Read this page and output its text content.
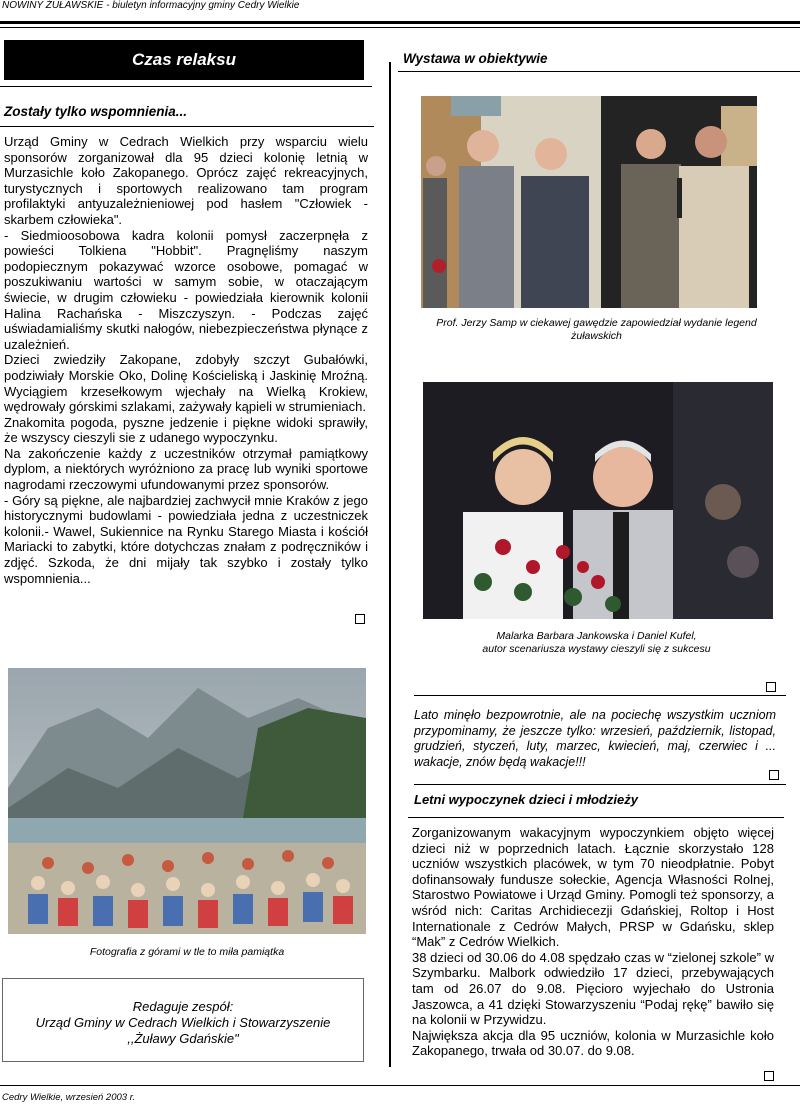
NOWINY ŻUŁAWSKIE - biuletyn informacyjny gminy Cedry Wielkie
Czas relaksu
Zostały tylko wspomnienia...

Urząd Gminy w Cedrach Wielkich przy wsparciu wielu sponsorów zorganizował dla 95 dzieci kolonię letnią w Murzasichle koło Zakopanego. Oprócz zajęć rekreacyjnych, turystycznych i sportowych realizowano tam program profilaktyki antyuzależnieniowej pod hasłem "Człowiek - skarbem człowieka".

- Siedmioosobowa kadra kolonii pomysł zaczerpnęła z powieści Tolkiena "Hobbit". Pragnęliśmy naszym podopiecznym pokazywać wzorce osobowe, pomagać w poszukiwaniu wartości w samym sobie, w otaczającym świecie, w drugim człowieku - powiedziała kierownik kolonii Halina Rachańska - Miszczyszyn. - Podczas zajęć uświadamialiśmy skutki nałogów, niebezpieczeństwa płynące z uzależnień.

Dzieci zwiedziły Zakopane, zdobyły szczyt Gubałówki, podziwiały Morskie Oko, Dolinę Kościeliską i Jaskinię Mroźną. Wyciągiem krzesełkowym wjechały na Wielką Krokiew, wędrowały górskimi szlakami, zażywały kąpieli w strumieniach.

Znakomita pogoda, pyszne jedzenie i piękne widoki sprawiły, że wszyscy cieszyli sie z udanego wypoczynku.

Na zakończenie każdy z uczestników otrzymał pamiątkowy dyplom, a niektórych wyróżniono za pracę lub wyniki sportowe nagrodami rzeczowymi ufundowanymi przez sponsorów.

- Góry są piękne, ale najbardziej zachwycił mnie Kraków z jego historycznymi budowlami - powiedziała jedna z uczestniczek kolonii.- Wawel, Sukiennice na Rynku Starego Miasta i kościół Mariacki to zabytki, które dotychczas znałam z podręczników i zdjęć. Szkoda, że dni mijały tak szybko i zostały tylko wspomnienia...

Fotografia z górami w tle to miła pamiątka
Redaguje zespół:
Urząd Gminy w Cedrach Wielkich i Stowarzyszenie
,,Żuławy Gdańskie"
Wystawa w obiektywie
Prof. Jerzy Samp w ciekawej gawędzie zapowiedział wydanie legend żuławskich
Malarka Barbara Jankowska i Daniel Kufel,
autor scenariusza wystawy cieszyli się z sukcesu
Lato minęło bezpowrotnie, ale na pociechę wszystkim uczniom przypominamy, że jeszcze tylko: wrzesień, październik, listopad, grudzień, styczeń, luty, marzec, kwiecień, maj, czerwiec i ... wakacje, znów będą wakacje!!!
Letni wypoczynek dzieci i młodzieży

Zorganizowanym wakacyjnym wypoczynkiem objęto więcej dzieci niż w poprzednich latach. Łącznie skorzystało 128 uczniów wszystkich placówek, w tym 70 nieodpłatnie. Pobyt dofinansowały fundusze sołeckie, Agencja Własności Rolnej, Starostwo Powiatowe i Urząd Gminy. Pomogli też sponsorzy, a wśród nich: Caritas Archidiecezji Gdańskiej, Roltop i Host Internationale z Cedrów Małych, PRSP w Gdańsku, sklep “Mak” z Cedrów Wielkich.

38 dzieci od 30.06 do 4.08 spędzało czas w “zielonej szkole” w Szymbarku. Malbork odwiedziło 17 dzieci, przebywających tam od 26.07 do 9.08. Pięcioro wyjechało do Ustronia Jaszowca, a 41 dzięki Stowarzyszeniu “Podaj rękę” bawiło się na kolonii w Przywidzu.

Największa akcja dla 95 uczniów, kolonia w Murzasichle koło Zakopanego, trwała od 30.07. do 9.08.

Cedry Wielkie, wrzesień 2003 r.
